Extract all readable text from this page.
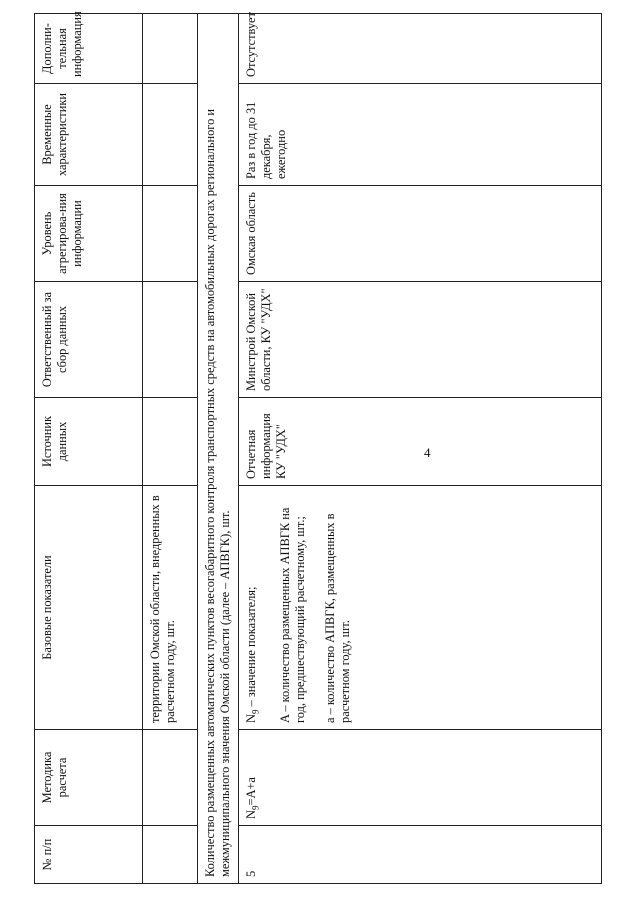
4
№ п/п	Методика расчета	Базовые показатели	Источник данных	Ответственный за сбор данных	Уровень агрегирова-ния информации	Временные характеристики	Дополни-тельная информация
		территории Омской области, внедренных в расчетном году, шт.					
Количество размещенных автоматических пунктов весогабаритного контроля транспортных средств на автомобильных дорогах регионального и межмуниципального значения Омской области (далее – АПВГК), шт.							
5	$N_9=A+a$	$N_9$ – значение показателя; A – количество размещенных АПВГК на год, предшествующий расчетному, шт.; a – количество АПВГК, размещенных в расчетном году, шт.	Отчетная информация КУ "УДХ"	Минстрой Омской области, КУ "УДХ"	Омская область	Раз в год до 31 декабря, ежегодно	Отсутствует
